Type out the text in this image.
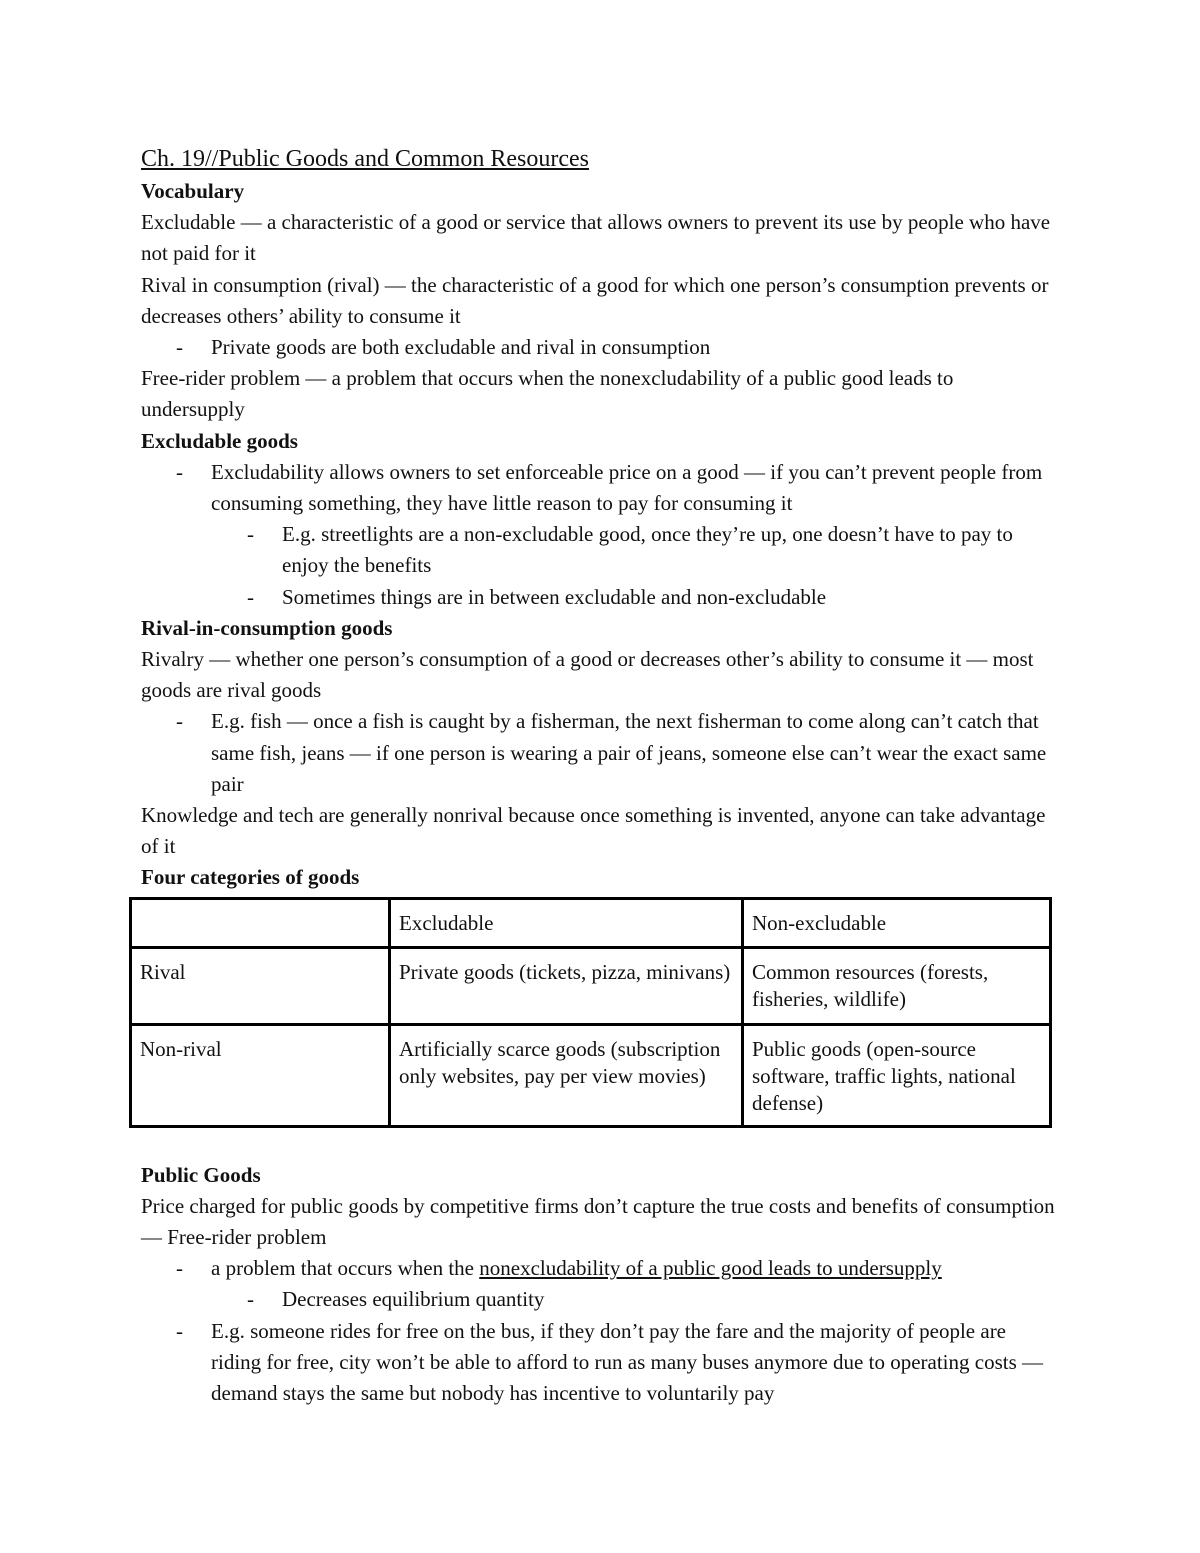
Ch. 19//Public Goods and Common Resources

Vocabulary

Excludable — a characteristic of a good or service that allows owners to prevent its use by people who have not paid for it

Rival in consumption (rival) — the characteristic of a good for which one person’s consumption prevents or decreases others’ ability to consume it

- Private goods are both excludable and rival in consumption

Free-rider problem — a problem that occurs when the nonexcludability of a public good leads to undersupply

Excludable goods

- Excludability allows owners to set enforceable price on a good — if you can’t prevent people from consuming something, they have little reason to pay for consuming it
- E.g. streetlights are a non-excludable good, once they’re up, one doesn’t have to pay to enjoy the benefits
- Sometimes things are in between excludable and non-excludable

Rival-in-consumption goods

Rivalry — whether one person’s consumption of a good or decreases other’s ability to consume it — most goods are rival goods

- E.g. fish — once a fish is caught by a fisherman, the next fisherman to come along can’t catch that same fish, jeans — if one person is wearing a pair of jeans, someone else can’t wear the exact same pair

Knowledge and tech are generally nonrival because once something is invented, anyone can take advantage of it

Four categories of goods

	Excludable	Non-excludable
Rival	Private goods (tickets, pizza, minivans)	Common resources (forests, fisheries, wildlife)
Non-rival	Artificially scarce goods (subscription only websites, pay per view movies)	Public goods (open-source software, traffic lights, national defense)

Public Goods

Price charged for public goods by competitive firms don’t capture the true costs and benefits of consumption — Free-rider problem

- a problem that occurs when the nonexcludability of a public good leads to undersupply
- Decreases equilibrium quantity
- E.g. someone rides for free on the bus, if they don’t pay the fare and the majority of people are riding for free, city won’t be able to afford to run as many buses anymore due to operating costs — demand stays the same but nobody has incentive to voluntarily pay
